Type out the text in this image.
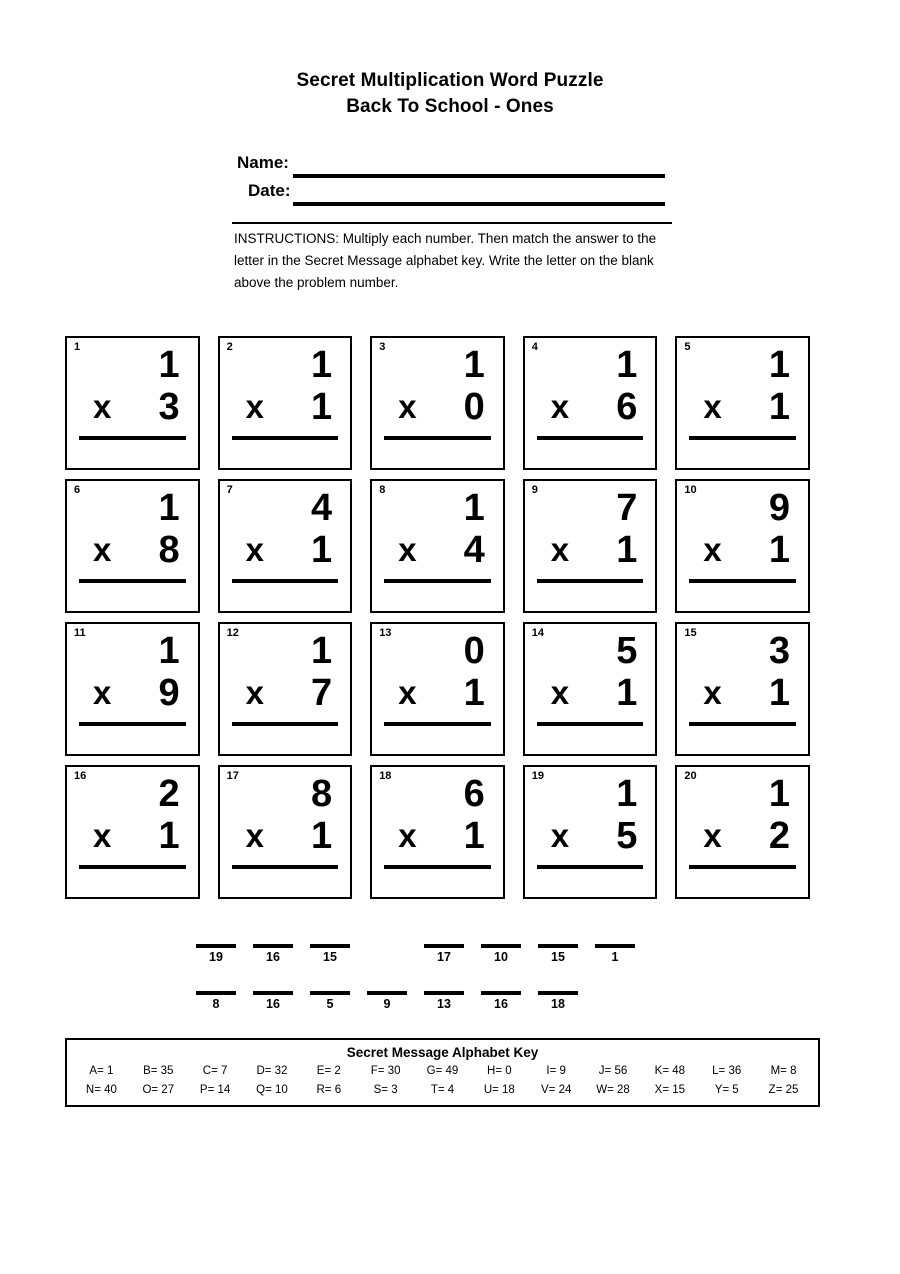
Secret Multiplication Word Puzzle
Back To School - Ones
Name:
Date:
INSTRUCTIONS: Multiply each number. Then match the answer to the letter in the Secret Message alphabet key. Write the letter on the blank above the problem number.
1 1
x 3
2 1
x 1
3 1
x 0
4 1
x 6
5 1
x 1
6 1
x 8
7 4
x 1
8 1
x 4
9 7
x 1
10 9
x 1
11 1
x 9
12 1
x 7
13 0
x 1
14 5
x 1
15 3
x 1
16 2
x 1
17 8
x 1
18 6
x 1
19 1
x 5
20 1
x 2
19	16	15	17	10	15	1
8	16	5	9	13	16	18
Secret Message Alphabet Key
A= 1	B= 35	C= 7	D= 32	E= 2	F= 30	G= 49	H= 0	I= 9	J= 56	K= 48	L= 36	M= 8
N= 40	O= 27	P= 14	Q= 10	R= 6	S= 3	T= 4	U= 18	V= 24	W= 28	X= 15	Y= 5	Z= 25
